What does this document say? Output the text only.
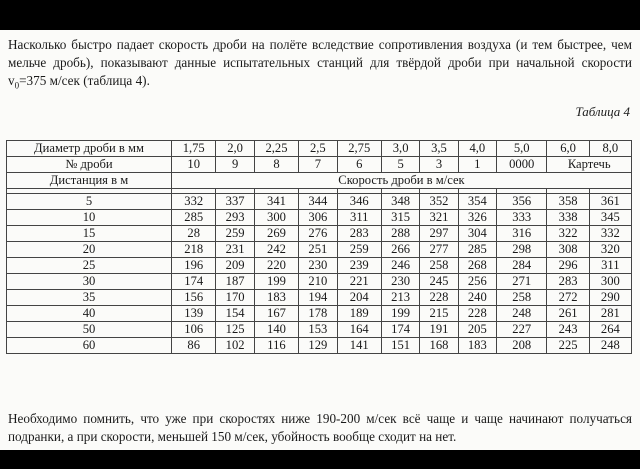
Насколько быстро падает скорость дроби на полёте вследствие сопротивления воздуха (и тем быстрее, чем мельче дробь), показывают данные испытательных станций для твёрдой дроби при начальной скорости $v_0=375$ м/сек (таблица 4).

Таблица 4
Диаметр дроби в мм	1,75	2,0	2,25	2,5	2,75	3,0	3,5	4,0	5,0	6,0	8,0
№ дроби	10	9	8	7	6	5	3	1	0000	Картечь	
Дистанция в м	Скорость дроби в м/сек										

5	332	337	341	344	346	348	352	354	356	358	361
10	285	293	300	306	311	315	321	326	333	338	345
15	28	259	269	276	283	288	297	304	316	322	332
20	218	231	242	251	259	266	277	285	298	308	320
25	196	209	220	230	239	246	258	268	284	296	311
30	174	187	199	210	221	230	245	256	271	283	300
35	156	170	183	194	204	213	228	240	258	272	290
40	139	154	167	178	189	199	215	228	248	261	281
50	106	125	140	153	164	174	191	205	227	243	264
60	86	102	116	129	141	151	168	183	208	225	248

Необходимо помнить, что уже при скоростях ниже 190-200 м/сек всё чаще и чаще начинают получаться подранки, а при скорости, меньшей 150 м/сек, убойность вообще сходит на нет.
